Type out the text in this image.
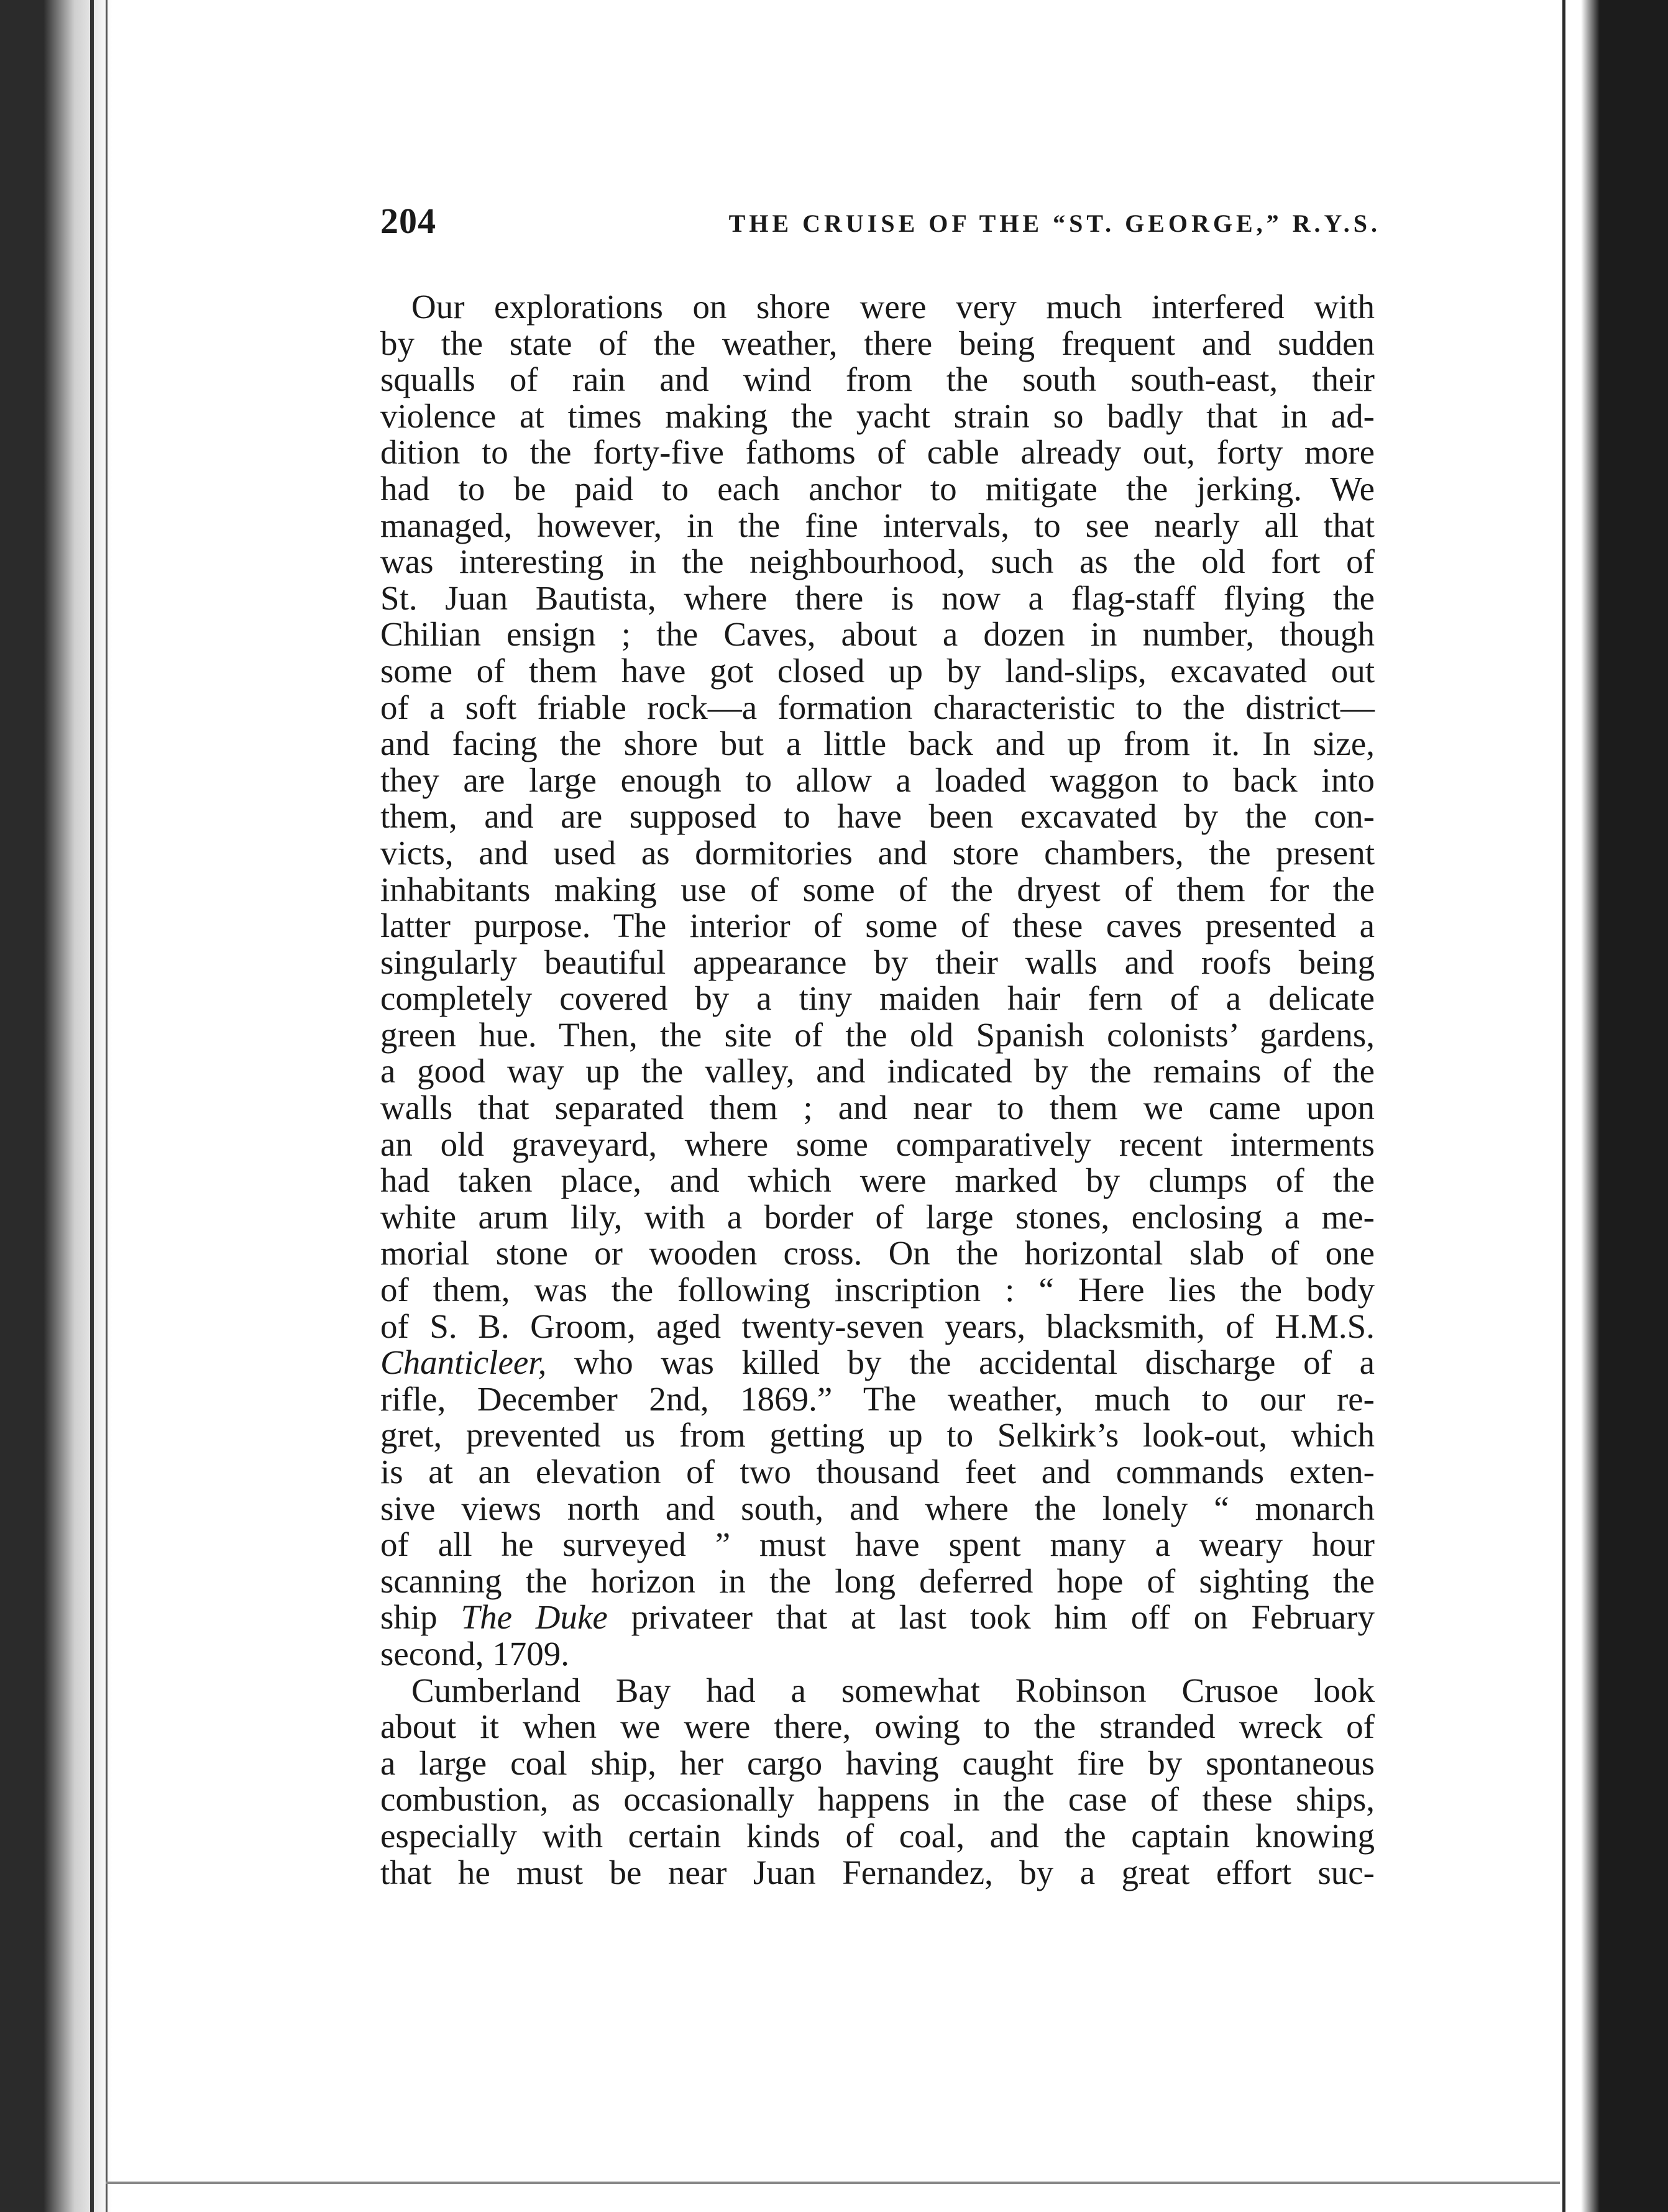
204	THE CRUISE OF THE “ST. GEORGE,” R.Y.S.
Our explorations on shore were very much interfered with
by the state of the weather, there being frequent and sudden
squalls of rain and wind from the south south-east, their
violence at times making the yacht strain so badly that in ad-
dition to the forty-five fathoms of cable already out, forty more
had to be paid to each anchor to mitigate the jerking. We
managed, however, in the fine intervals, to see nearly all that
was interesting in the neighbourhood, such as the old fort of
St. Juan Bautista, where there is now a flag-staff flying the
Chilian ensign ; the Caves, about a dozen in number, though
some of them have got closed up by land-slips, excavated out
of a soft friable rock—a formation characteristic to the district—
and facing the shore but a little back and up from it. In size,
they are large enough to allow a loaded waggon to back into
them, and are supposed to have been excavated by the con-
victs, and used as dormitories and store chambers, the present
inhabitants making use of some of the dryest of them for the
latter purpose. The interior of some of these caves presented a
singularly beautiful appearance by their walls and roofs being
completely covered by a tiny maiden hair fern of a delicate
green hue. Then, the site of the old Spanish colonists’ gardens,
a good way up the valley, and indicated by the remains of the
walls that separated them ; and near to them we came upon
an old graveyard, where some comparatively recent interments
had taken place, and which were marked by clumps of the
white arum lily, with a border of large stones, enclosing a me-
morial stone or wooden cross. On the horizontal slab of one
of them, was the following inscription : “ Here lies the body
of S. B. Groom, aged twenty-seven years, blacksmith, of H.M.S.
Chanticleer, who was killed by the accidental discharge of a
rifle, December 2nd, 1869.” The weather, much to our re-
gret, prevented us from getting up to Selkirk’s look-out, which
is at an elevation of two thousand feet and commands exten-
sive views north and south, and where the lonely “ monarch
of all he surveyed ” must have spent many a weary hour
scanning the horizon in the long deferred hope of sighting the
ship The Duke privateer that at last took him off on February
second, 1709.
Cumberland Bay had a somewhat Robinson Crusoe look
about it when we were there, owing to the stranded wreck of
a large coal ship, her cargo having caught fire by spontaneous
combustion, as occasionally happens in the case of these ships,
especially with certain kinds of coal, and the captain knowing
that he must be near Juan Fernandez, by a great effort suc-
